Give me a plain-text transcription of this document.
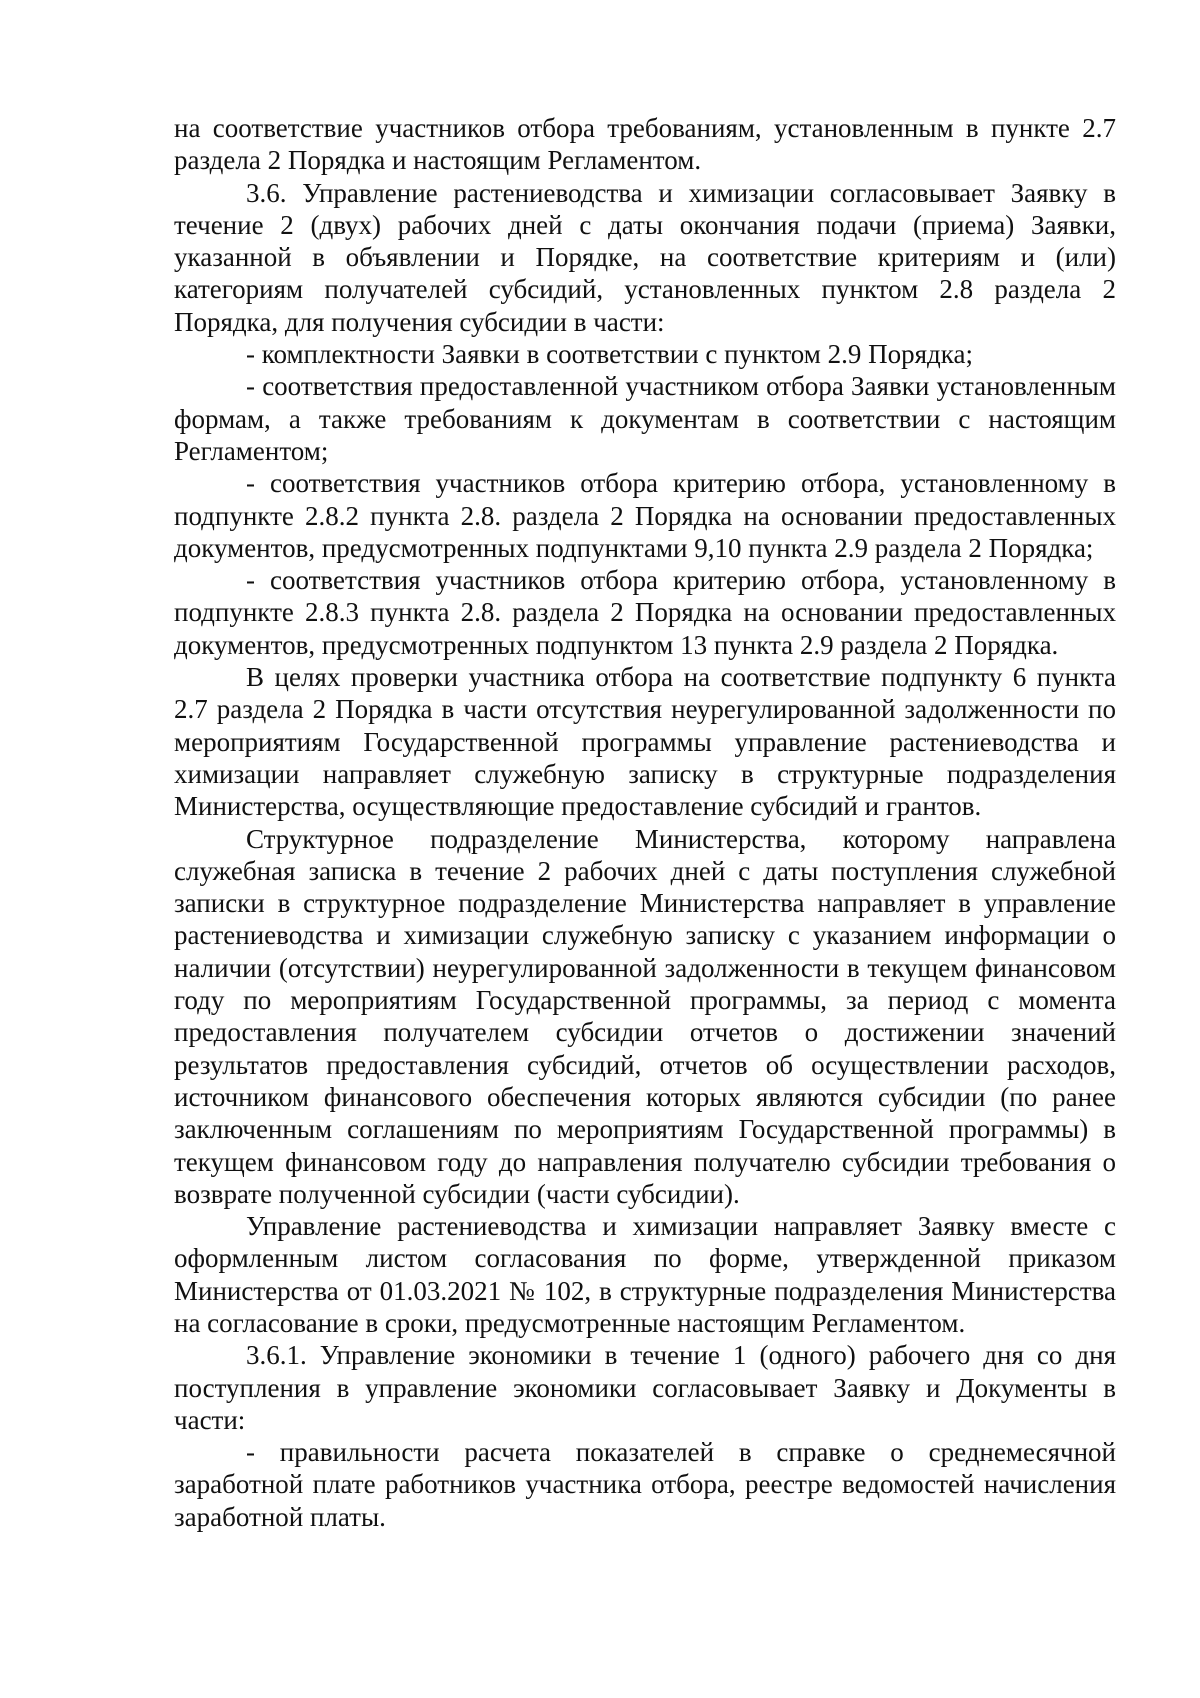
на соответствие участников отбора требованиям, установленным в пункте 2.7 раздела 2 Порядка и настоящим Регламентом.

3.6. Управление растениеводства и химизации согласовывает Заявку в течение 2 (двух) рабочих дней с даты окончания подачи (приема) Заявки, указанной в объявлении и Порядке, на соответствие критериям и (или) категориям получателей субсидий, установленных пунктом 2.8 раздела 2 Порядка, для получения субсидии в части:

- комплектности Заявки в соответствии с пунктом 2.9 Порядка;

- соответствия предоставленной участником отбора Заявки установленным формам, а также требованиям к документам в соответствии с настоящим Регламентом;

- соответствия участников отбора критерию отбора, установленному в подпункте 2.8.2 пункта 2.8. раздела 2 Порядка на основании предоставленных документов, предусмотренных подпунктами 9,10 пункта 2.9 раздела 2 Порядка;

- соответствия участников отбора критерию отбора, установленному в подпункте 2.8.3 пункта 2.8. раздела 2 Порядка на основании предоставленных документов, предусмотренных подпунктом 13 пункта 2.9 раздела 2 Порядка.

В целях проверки участника отбора на соответствие подпункту 6 пункта 2.7 раздела 2 Порядка в части отсутствия неурегулированной задолженности по мероприятиям Государственной программы управление растениеводства и химизации направляет служебную записку в структурные подразделения Министерства, осуществляющие предоставление субсидий и грантов.

Структурное подразделение Министерства, которому направлена служебная записка в течение 2 рабочих дней с даты поступления служебной записки в структурное подразделение Министерства направляет в управление растениеводства и химизации служебную записку с указанием информации о наличии (отсутствии) неурегулированной задолженности в текущем финансовом году по мероприятиям Государственной программы, за период с момента предоставления получателем субсидии отчетов о достижении значений результатов предоставления субсидий, отчетов об осуществлении расходов, источником финансового обеспечения которых являются субсидии (по ранее заключенным соглашениям по мероприятиям Государственной программы) в текущем финансовом году до направления получателю субсидии требования о возврате полученной субсидии (части субсидии).

Управление растениеводства и химизации направляет Заявку вместе с оформленным листом согласования по форме, утвержденной приказом Министерства от 01.03.2021 № 102, в структурные подразделения Министерства на согласование в сроки, предусмотренные настоящим Регламентом.

3.6.1. Управление экономики в течение 1 (одного) рабочего дня со дня поступления в управление экономики согласовывает Заявку и Документы в части:

- правильности расчета показателей в справке о среднемесячной заработной плате работников участника отбора, реестре ведомостей начисления заработной платы.
